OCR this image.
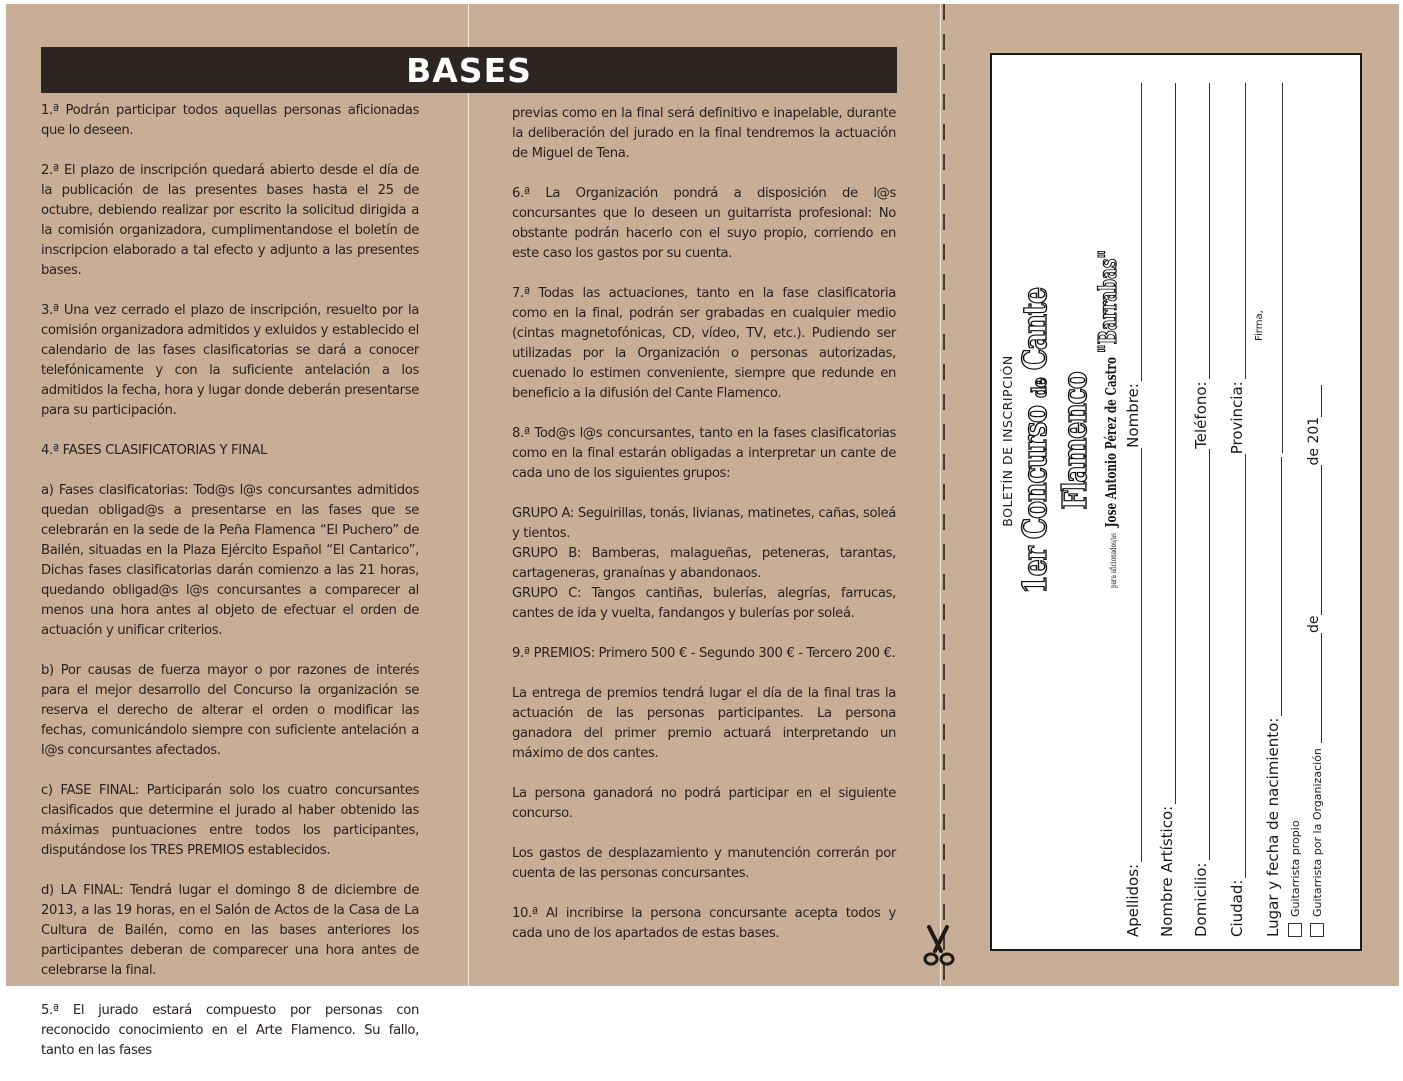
BASES

1.ª Podrán participar todos aquellas personas aficionadas que lo deseen.

2.ª El plazo de inscripción quedará abierto desde el día de la publicación de las presentes bases hasta el 25 de octubre, debiendo realizar por escrito la solicitud dirigida a la comisión organizadora, cumplimentandose el boletín de inscripcion elaborado a tal efecto y adjunto a las presentes bases.

3.ª Una vez cerrado el plazo de inscripción, resuelto por la comisión organizadora admitidos y exluidos y establecido el calendario de las fases clasificatorias se dará a conocer telefónicamente y con la suficiente antelación a los admitidos la fecha, hora y lugar donde deberán presentarse para su participación.

4.ª FASES CLASIFICATORIAS Y FINAL

a) Fases clasificatorias: Tod@s l@s concursantes admitidos quedan obligad@s a presentarse en las fases que se celebrarán en la sede de la Peña Flamenca “El Puchero” de Bailén, situadas en la Plaza Ejército Español “El Cantarico”, Dichas fases clasificatorias darán comienzo a las 21 horas, quedando obligad@s l@s concursantes a comparecer al menos una hora antes al objeto de efectuar el orden de actuación y unificar criterios.

b) Por causas de fuerza mayor o por razones de interés para el mejor desarrollo del Concurso la organización se reserva el derecho de alterar el orden o modificar las fechas, comunicándolo siempre con suficiente antelación a l@s concursantes afectados.

c) FASE FINAL: Participarán solo los cuatro concursantes clasificados que determine el jurado al haber obtenido las máximas puntuaciones entre todos los participantes, disputándose los TRES PREMIOS establecidos.

d) LA FINAL: Tendrá lugar el domingo 8 de diciembre de 2013, a las 19 horas, en el Salón de Actos de la Casa de La Cultura de Bailén, como en las bases anteriores los participantes deberan de comparecer una hora antes de celebrarse la final.

5.ª El jurado estará compuesto por personas con reconocido conocimiento en el Arte Flamenco. Su fallo, tanto en las fases

previas como en la final será definitivo e inapelable, durante la deliberación del jurado en la final tendremos la actuación de Miguel de Tena.

6.ª La Organización pondrá a disposición de l@s concursantes que lo deseen un guitarrista profesional: No obstante podrán hacerlo con el suyo propio, corriendo en este caso los gastos por su cuenta.

7.ª Todas las actuaciones, tanto en la fase clasificatoria como en la final, podrán ser grabadas en cualquier medio (cintas magnetofónicas, CD, vídeo, TV, etc.). Pudiendo ser utilizadas por la Organización o personas autorizadas, cuenado lo estimen conveniente, siempre que redunde en beneficio a la difusión del Cante Flamenco.

8.ª Tod@s l@s concursantes, tanto en la fases clasificatorias como en la final estarán obligadas a interpretar un cante de cada uno de los siguientes grupos:

GRUPO A: Seguirillas, tonás, livianas, matinetes, cañas, soleá y tientos.

GRUPO B: Bamberas, malagueñas, peteneras, tarantas, cartageneras, granaínas y abandonaos.

GRUPO C: Tangos cantiñas, bulerías, alegrías, farrucas, cantes de ida y vuelta, fandangos y bulerías por soleá.

9.ª PREMIOS: Primero 500 € - Segundo 300 € - Tercero 200 €.

La entrega de premios tendrá lugar el día de la final tras la actuación de las personas participantes. La persona ganadora del primer premio actuará interpretando un máximo de dos cantes.

La persona ganadorá no podrá participar en el siguiente concurso.

Los gastos de desplazamiento y manutención correrán por cuenta de las personas concursantes.

10.ª Al incribirse la persona concursante acepta todos y cada uno de los apartados de estas bases.

BOLETÍN DE INSCRIPCIÓN 1er Concurso de Cante Flamenco
para aficionados/asJose Antonio Pérez de Castro "Barrabas"
Apellidos:
Nombre:
Nombre Artístico: Domicilio:
Teléfono:
Ciudad:
Provincia:
Lugar y fecha de nacimiento:
Firma,
Guitarrista propio Guitarrista por la Organización
de
de 201
